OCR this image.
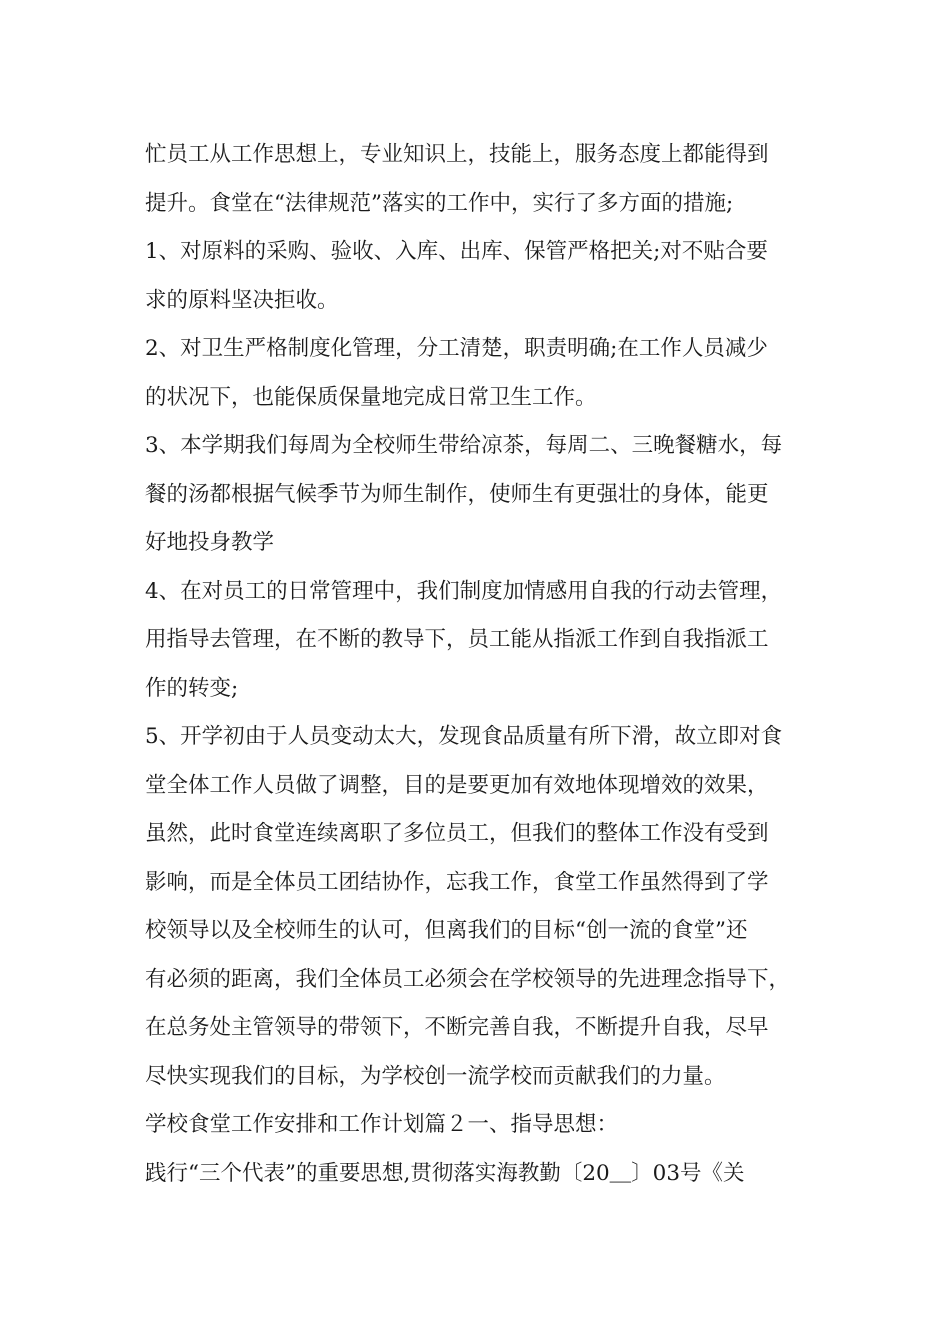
忙员工从工作思想上，专业知识上，技能上，服务态度上都能得到
提升。食堂在“法律规范”落实的工作中，实行了多方面的措施;
1、对原料的采购、验收、入库、出库、保管严格把关;对不贴合要
求的原料坚决拒收。
2、对卫生严格制度化管理，分工清楚，职责明确;在工作人员减少
的状况下，也能保质保量地完成日常卫生工作。
3、本学期我们每周为全校师生带给凉茶，每周二、三晚餐糖水，每
餐的汤都根据气候季节为师生制作，使师生有更强壮的身体，能更
好地投身教学
4、在对员工的日常管理中，我们制度加情感用自我的行动去管理，
用指导去管理，在不断的教导下，员工能从指派工作到自我指派工
作的转变;
5、开学初由于人员变动太大，发现食品质量有所下滑，故立即对食
堂全体工作人员做了调整，目的是要更加有效地体现增效的效果，
虽然，此时食堂连续离职了多位员工，但我们的整体工作没有受到
影响，而是全体员工团结协作，忘我工作，食堂工作虽然得到了学
校领导以及全校师生的认可，但离我们的目标“创一流的食堂”还
有必须的距离，我们全体员工必须会在学校领导的先进理念指导下，
在总务处主管领导的带领下，不断完善自我，不断提升自我，尽早
尽快实现我们的目标，为学校创一流学校而贡献我们的力量。
学校食堂工作安排和工作计划篇２一、指导思想：
践行“三个代表”的重要思想,贯彻落实海教勤〔20＿〕03号《关
